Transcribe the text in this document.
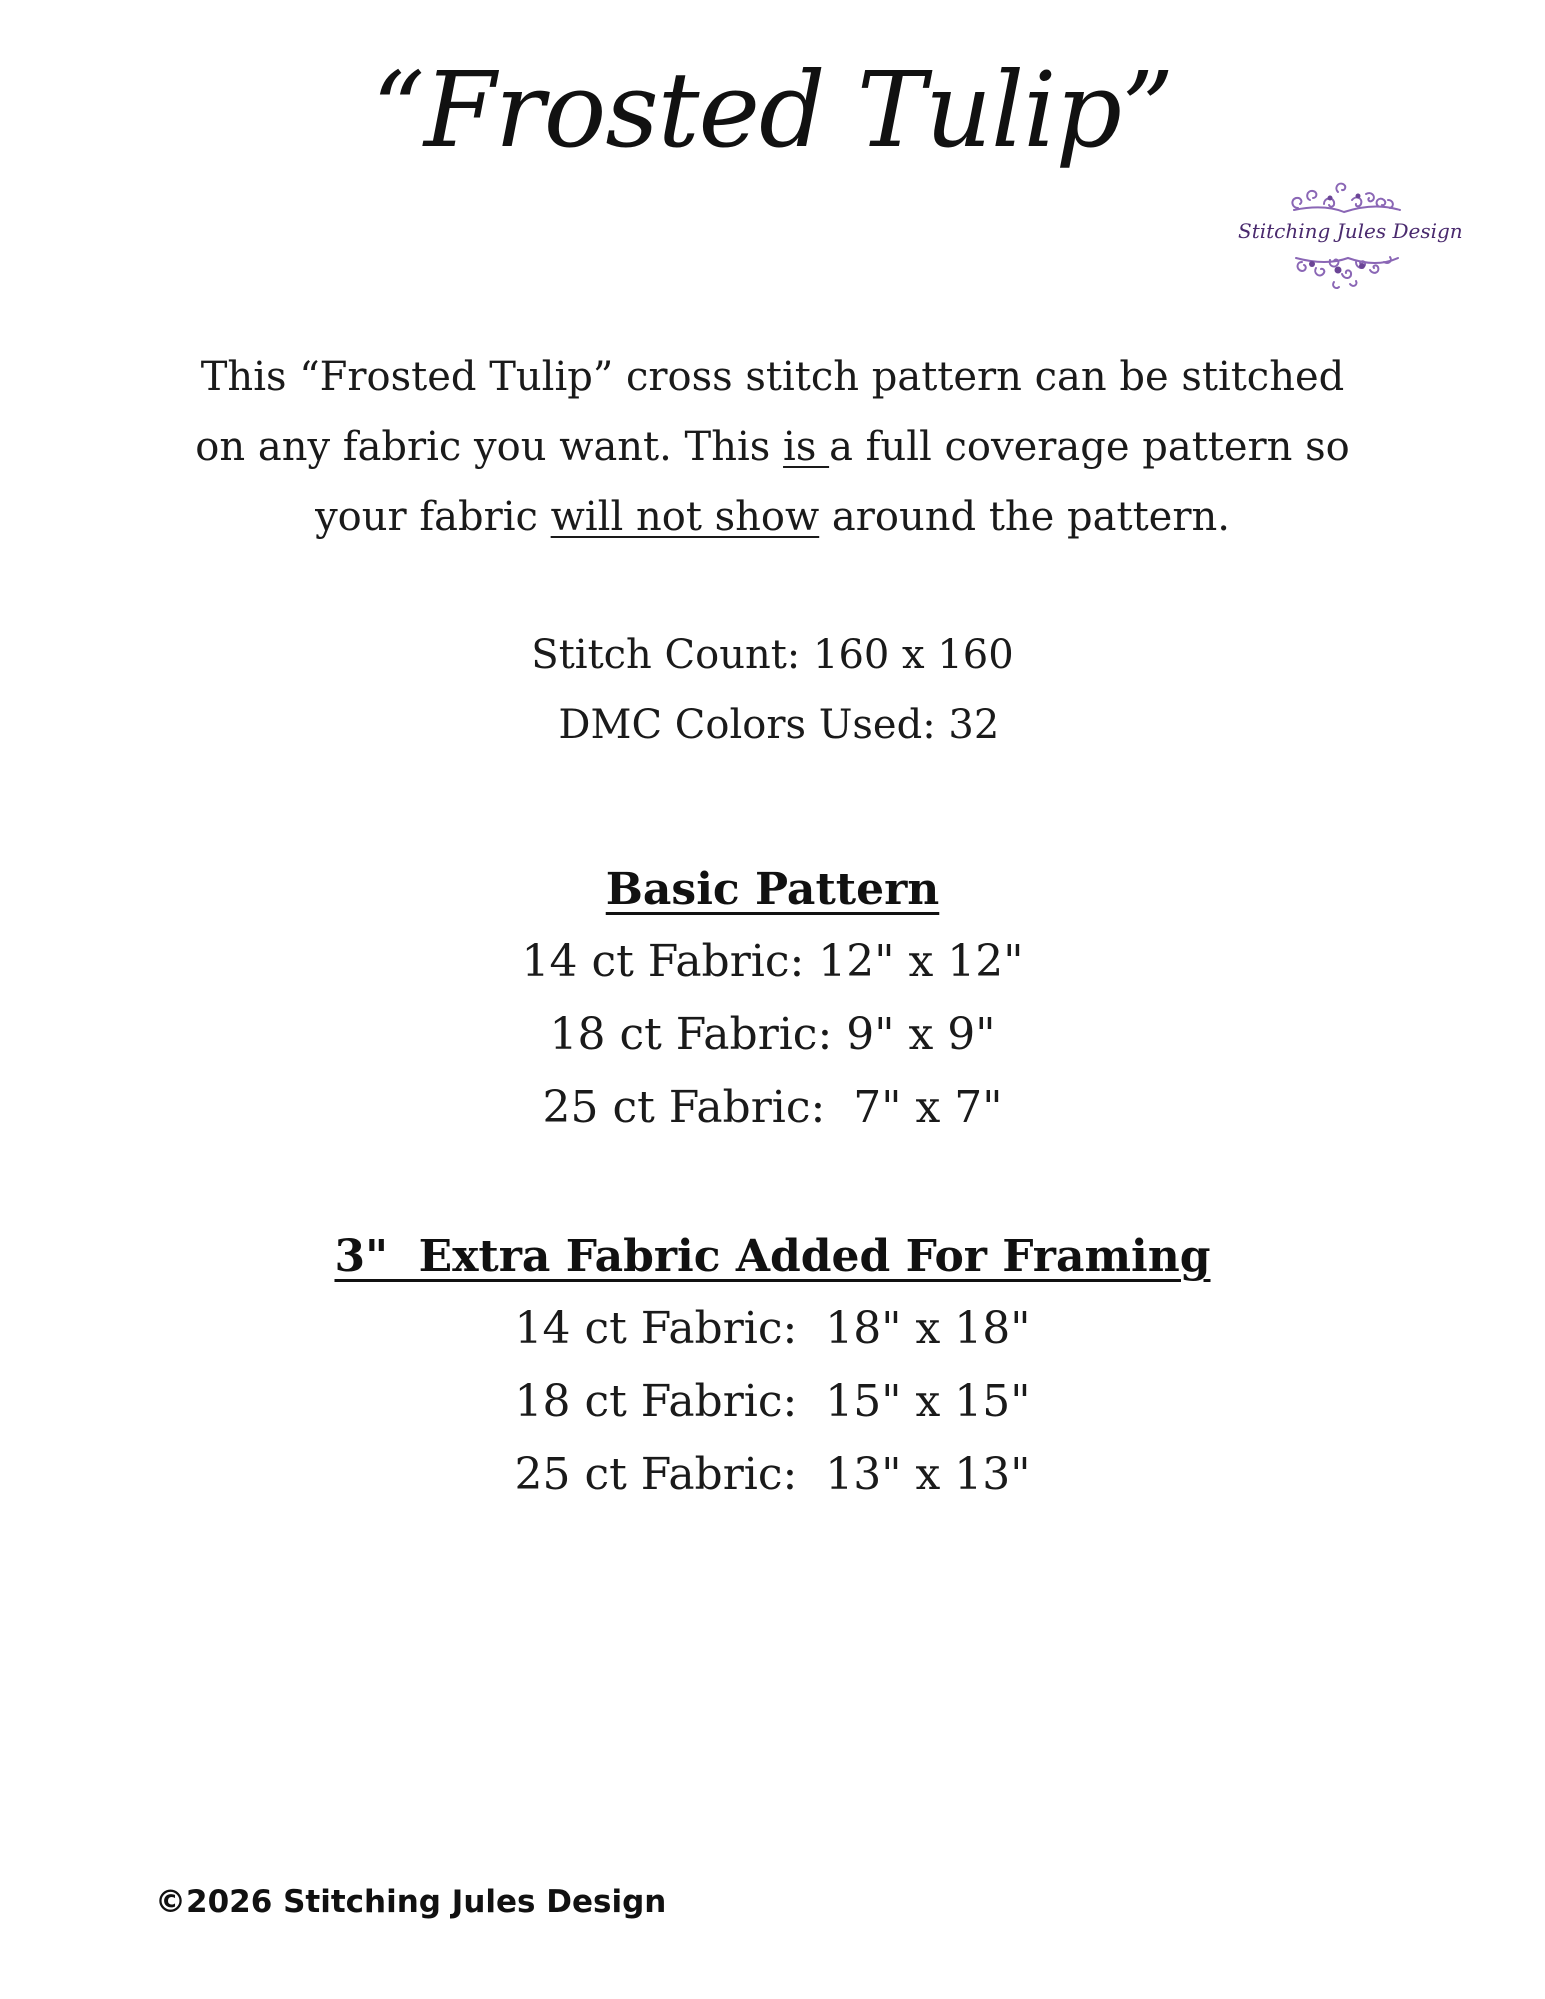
“Frosted Tulip”
Stitching Jules Design
This “Frosted Tulip” cross stitch pattern can be stitched
on any fabric you want. This is a full coverage pattern so
your fabric will not show around the pattern.
Stitch Count: 160 x 160
DMC Colors Used: 32
Basic Pattern
14 ct Fabric: 12" x 12"
18 ct Fabric: 9" x 9"
25 ct Fabric:  7" x 7"
3"  Extra Fabric Added For Framing
14 ct Fabric:  18" x 18"
18 ct Fabric:  15" x 15"
25 ct Fabric:  13" x 13"
©2026 Stitching Jules Design
